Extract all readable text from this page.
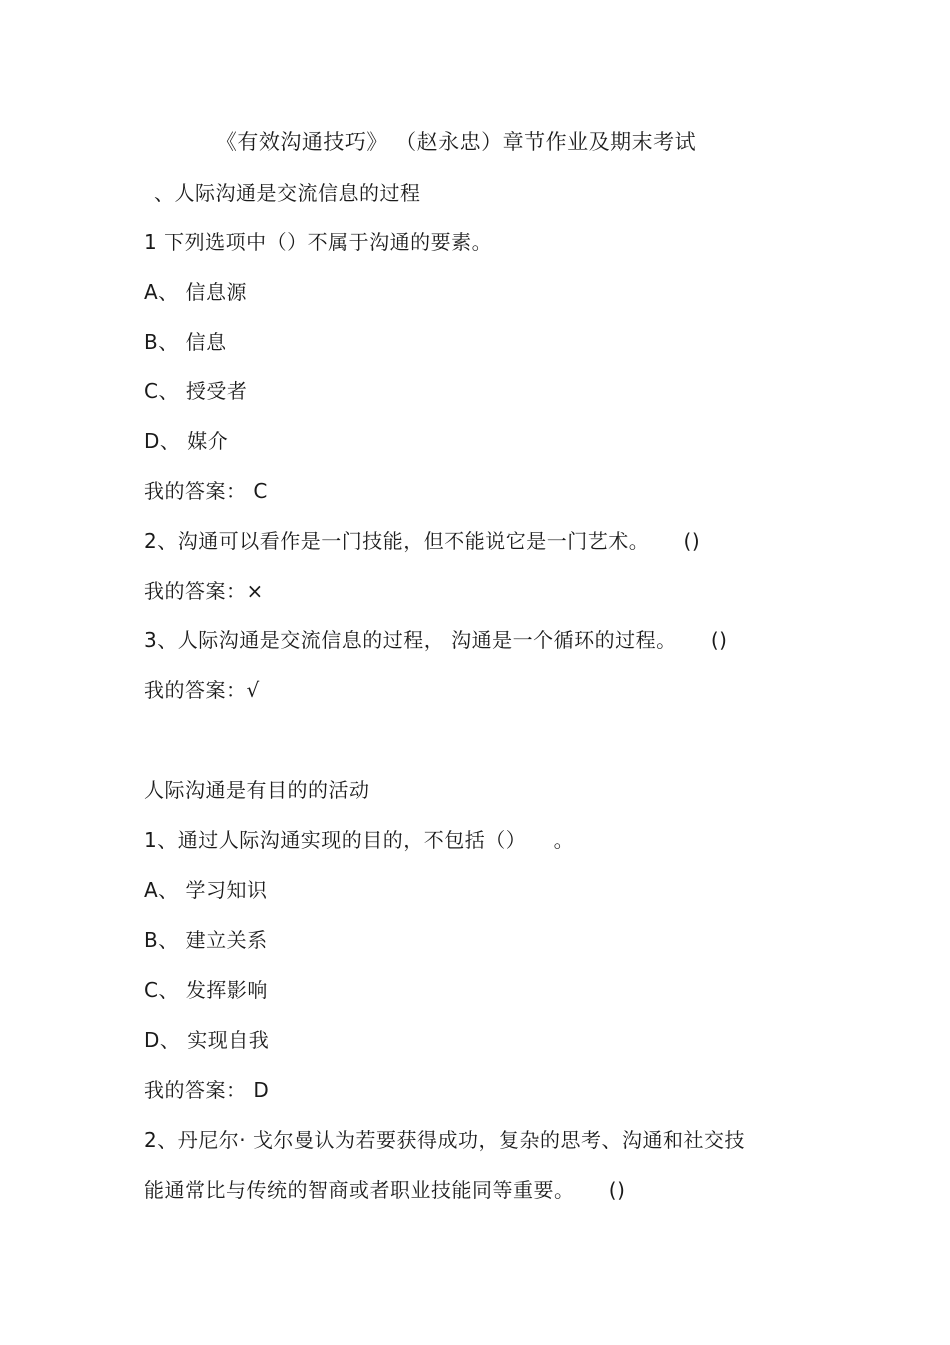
《有效沟通技巧》 （赵永忠）章节作业及期末考试
、人际沟通是交流信息的过程
1 下列选项中（）不属于沟通的要素。
A、 信息源
B、 信息
C、 授受者
D、 媒介
我的答案： C
2、沟通可以看作是一门技能，但不能说它是一门艺术。     ()
我的答案：×
3、人际沟通是交流信息的过程， 沟通是一个循环的过程。     ()
我的答案：√
人际沟通是有目的的活动
1、通过人际沟通实现的目的，不包括（）    。
A、 学习知识
B、 建立关系
C、 发挥影响
D、 实现自我
我的答案： D
2、丹尼尔· 戈尔曼认为若要获得成功，复杂的思考、沟通和社交技
能通常比与传统的智商或者职业技能同等重要。     ()
